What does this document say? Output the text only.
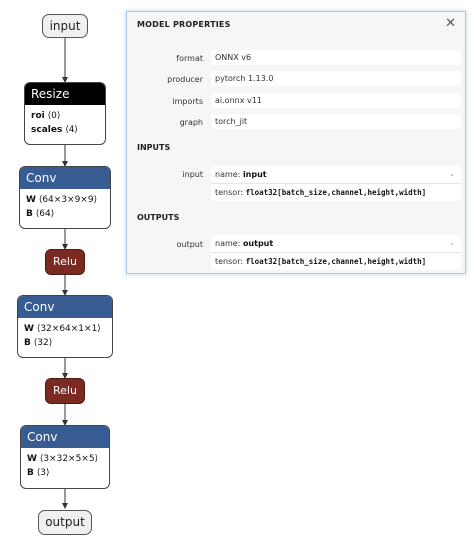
input
Resize
roi ⟨0⟩
scales ⟨4⟩
Conv
W ⟨64×3×9×9⟩
B ⟨64⟩
Relu
Conv
W ⟨32×64×1×1⟩
B ⟨32⟩
Relu
Conv
W ⟨3×32×5×5⟩
B ⟨3⟩
output
MODEL PROPERTIES	✕
format	ONNX v6
producer	pytorch 1.13.0
imports	ai.onnx v11
graph	torch_jit
INPUTS
input	name: input	⌄
tensor: float32[batch_size,channel,height,width]
OUTPUTS
output	name: output	⌄
tensor: float32[batch_size,channel,height,width]
